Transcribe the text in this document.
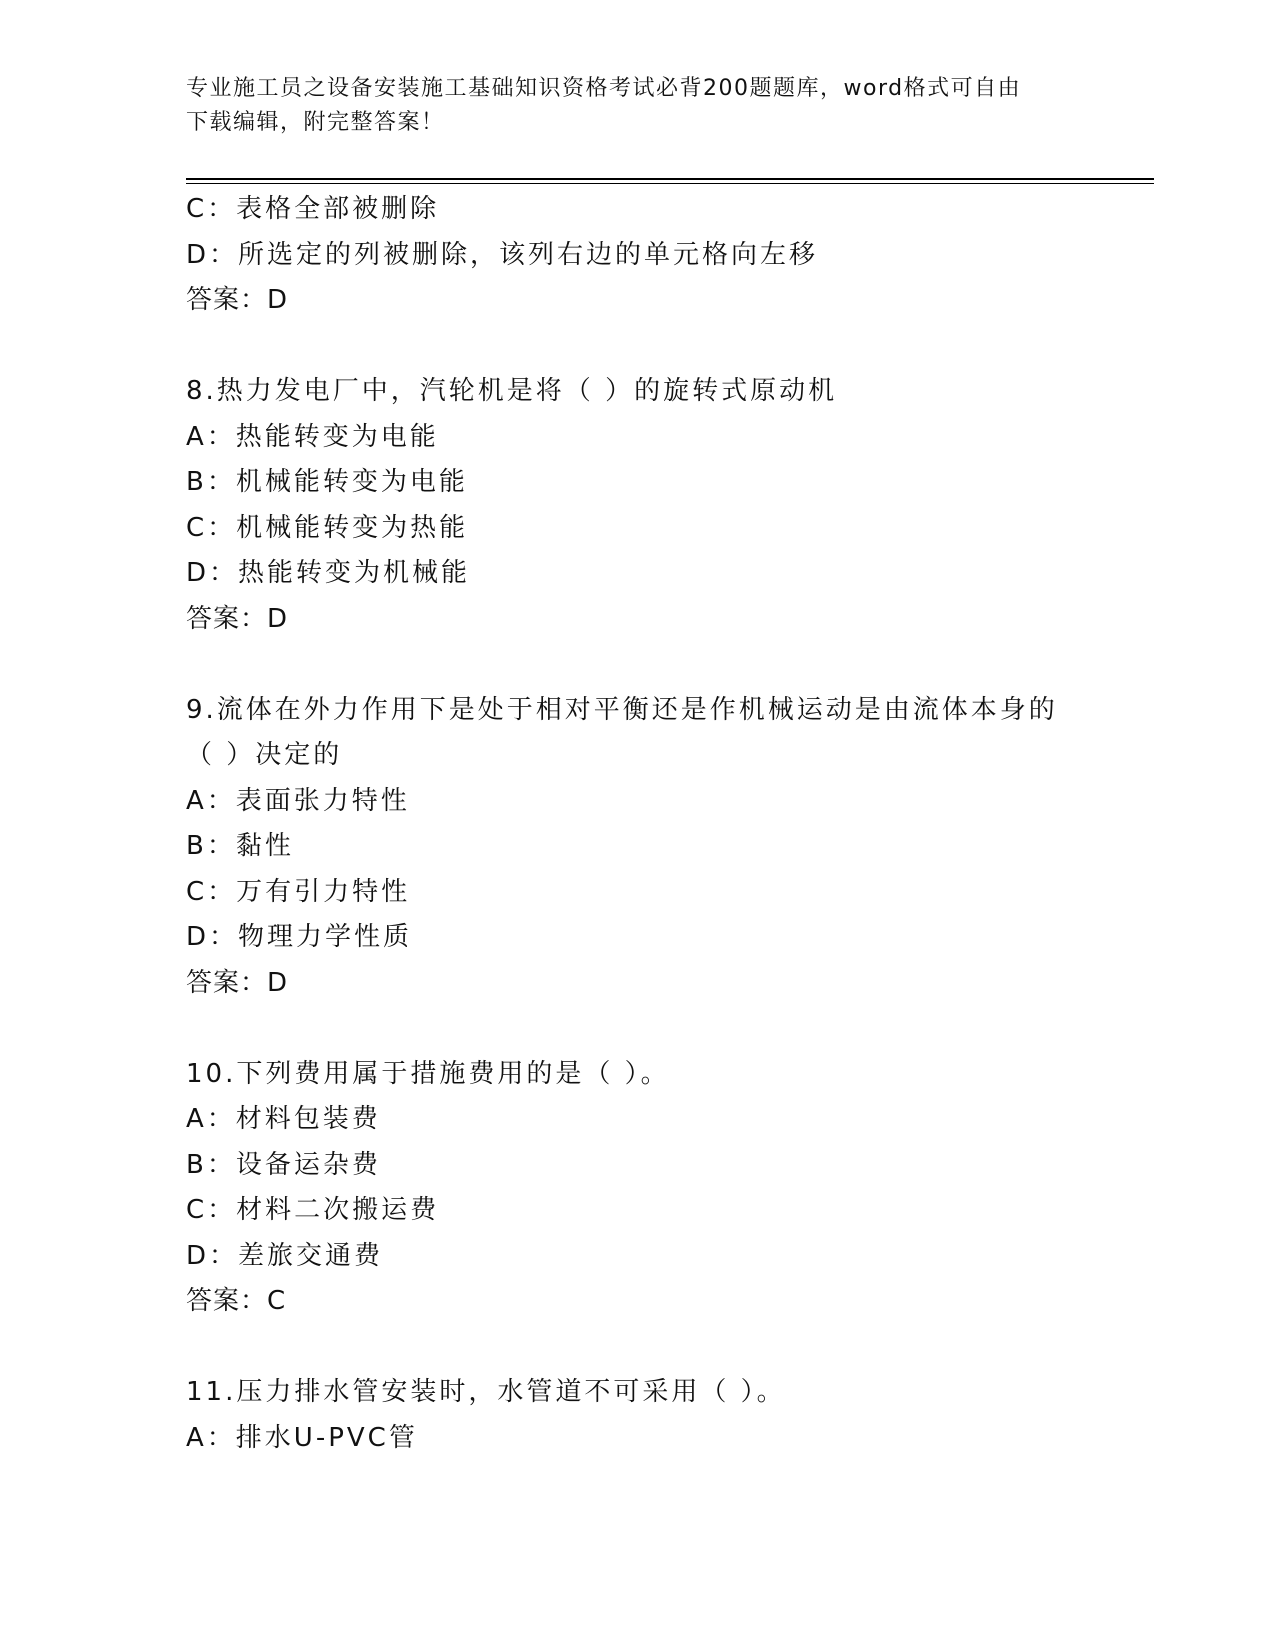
专业施工员之设备安装施工基础知识资格考试必背200题题库，word格式可自由
下载编辑，附完整答案！
C：表格全部被删除
D：所选定的列被删除，该列右边的单元格向左移
答案：D
8.热力发电厂中，汽轮机是将（ ）的旋转式原动机
A：热能转变为电能
B：机械能转变为电能
C：机械能转变为热能
D：热能转变为机械能
答案：D
9.流体在外力作用下是处于相对平衡还是作机械运动是由流体本身的
（ ）决定的
A：表面张力特性
B：黏性
C：万有引力特性
D：物理力学性质
答案：D
10.下列费用属于措施费用的是（ ）。
A：材料包装费
B：设备运杂费
C：材料二次搬运费
D：差旅交通费
答案：C
11.压力排水管安装时，水管道不可采用（ ）。
A：排水U-PVC管
